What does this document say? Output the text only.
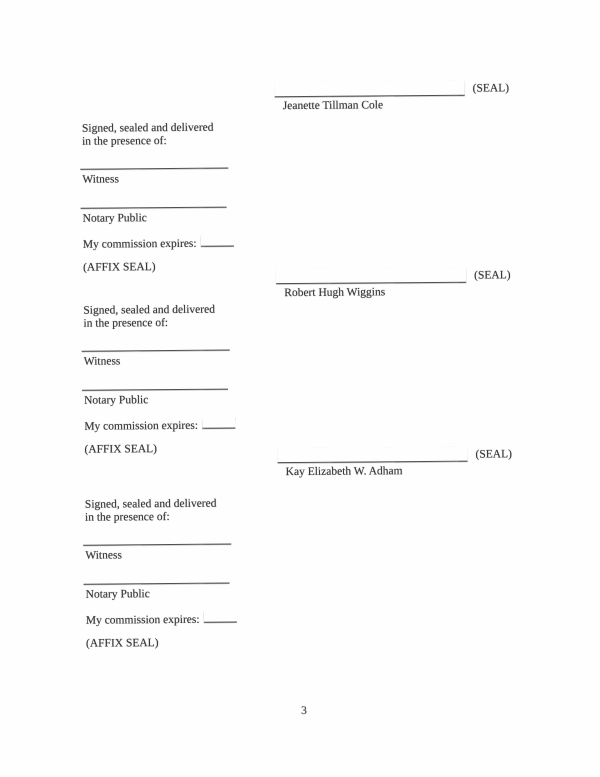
(SEAL)
Jeanette Tillman Cole
Signed, sealed and delivered
in the presence of:
Witness
Notary Public
My commission expires:
(AFFIX SEAL)
(SEAL)
Robert Hugh Wiggins
Signed, sealed and delivered
in the presence of:
Witness
Notary Public
My commission expires:
(AFFIX SEAL)	(SEAL)
Kay Elizabeth W. Adham
Signed, sealed and delivered
in the presence of:
Witness
Notary Public
My commission expires:
(AFFIX SEAL)
3
